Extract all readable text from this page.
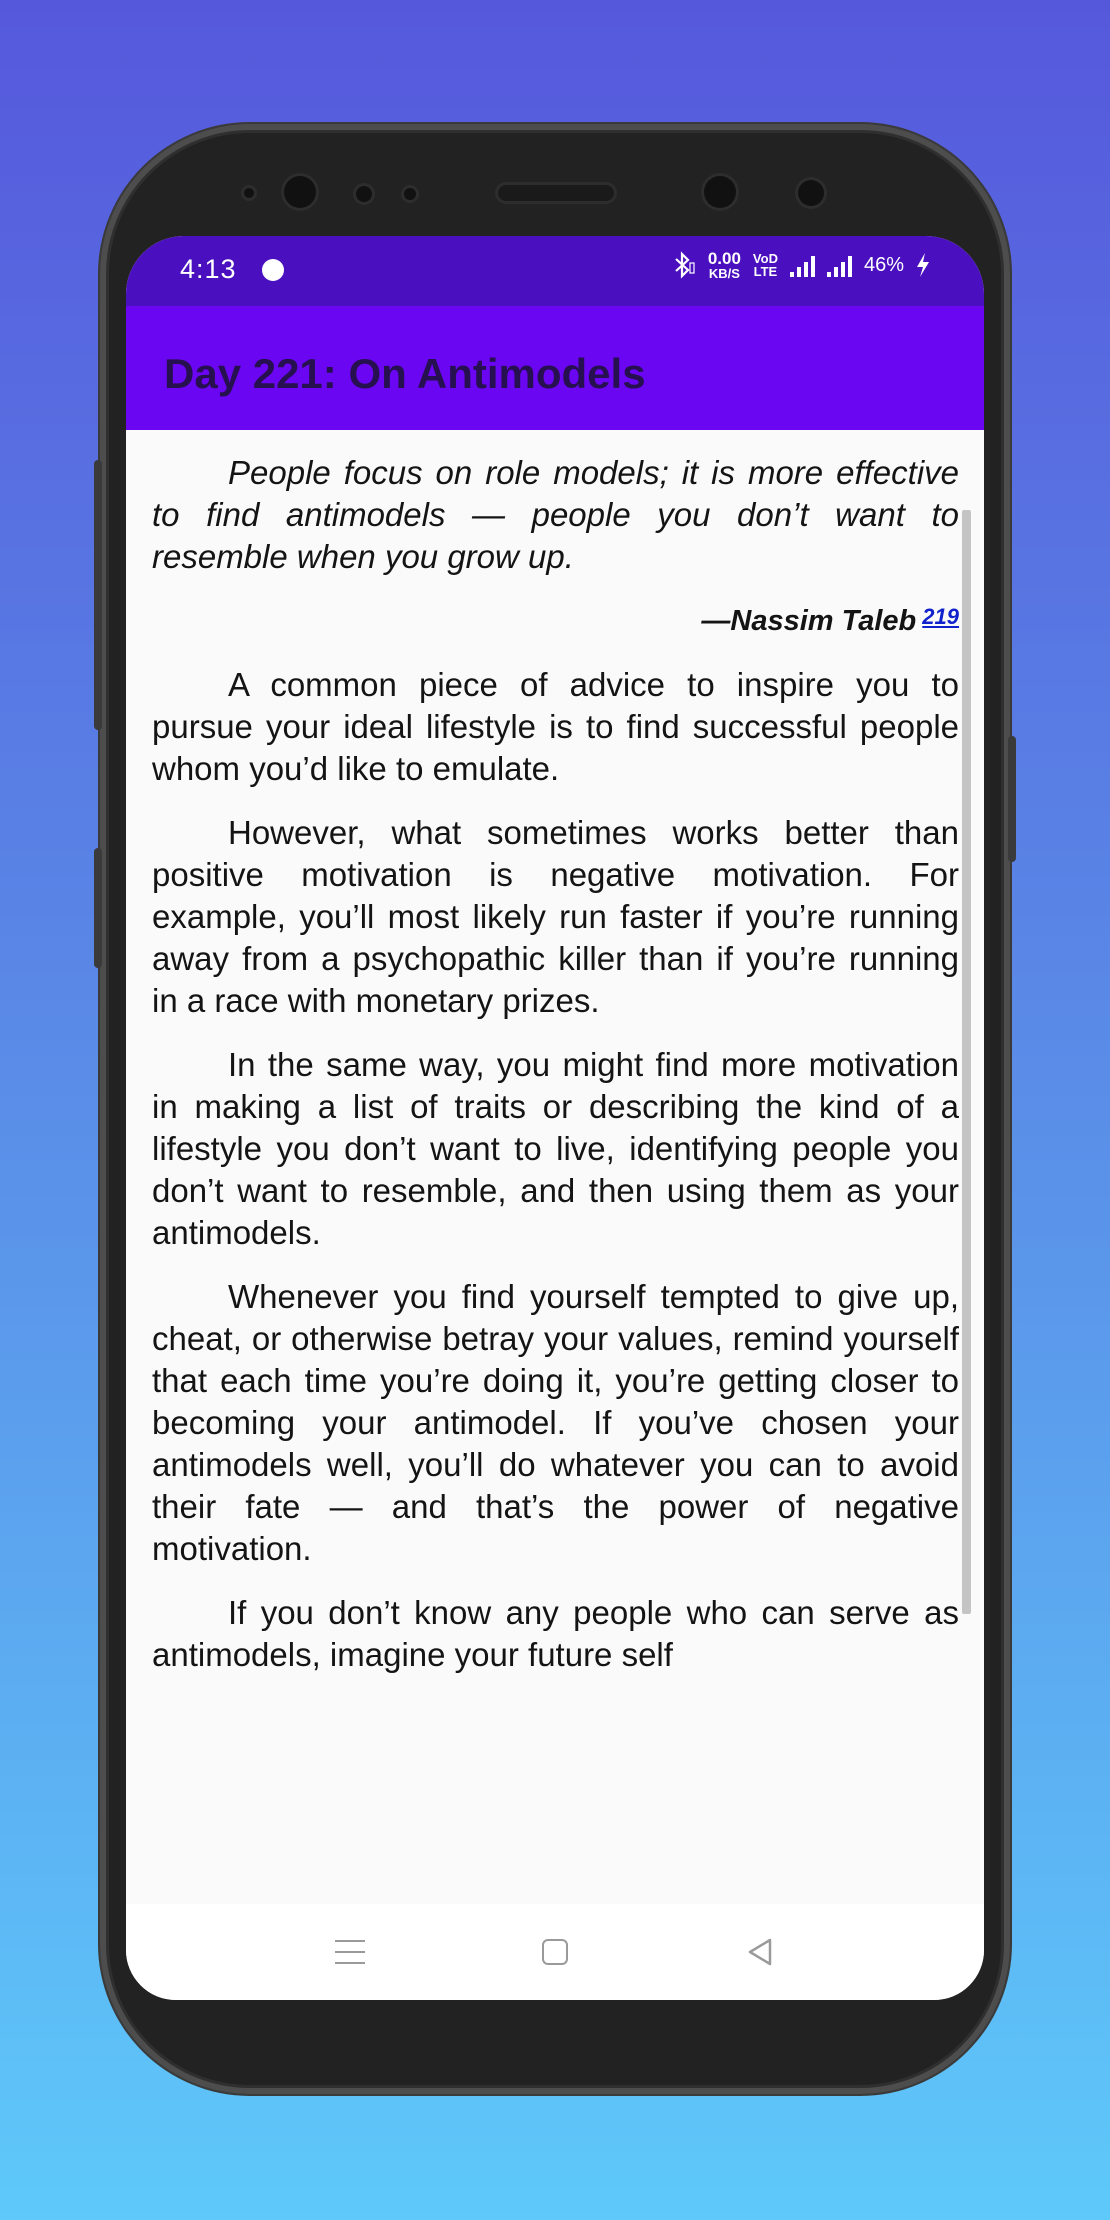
4:13	0.00
KB/S
VoD
LTE	46%
Day 221: On Antimodels

People focus on role models; it is more effective to find antimodels — people you don’t want to resemble when you grow up.

—Nassim Taleb $^{219}$

A common piece of advice to inspire you to pursue your ideal lifestyle is to find successful people whom you’d like to emulate.

However, what sometimes works better than positive motivation is negative motivation. For example, you’ll most likely run faster if you’re running away from a psychopathic killer than if you’re running in a race with monetary prizes.

In the same way, you might find more motivation in making a list of traits or describing the kind of a lifestyle you don’t want to live, identifying people you don’t want to resemble, and then using them as your antimodels.

Whenever you find yourself tempted to give up, cheat, or otherwise betray your values, remind yourself that each time you’re doing it, you’re getting closer to becoming your antimodel. If you’ve chosen your antimodels well, you’ll do whatever you can to avoid their fate — and that’s the power of negative motivation.

If you don’t know any people who can serve as antimodels, imagine your future self
